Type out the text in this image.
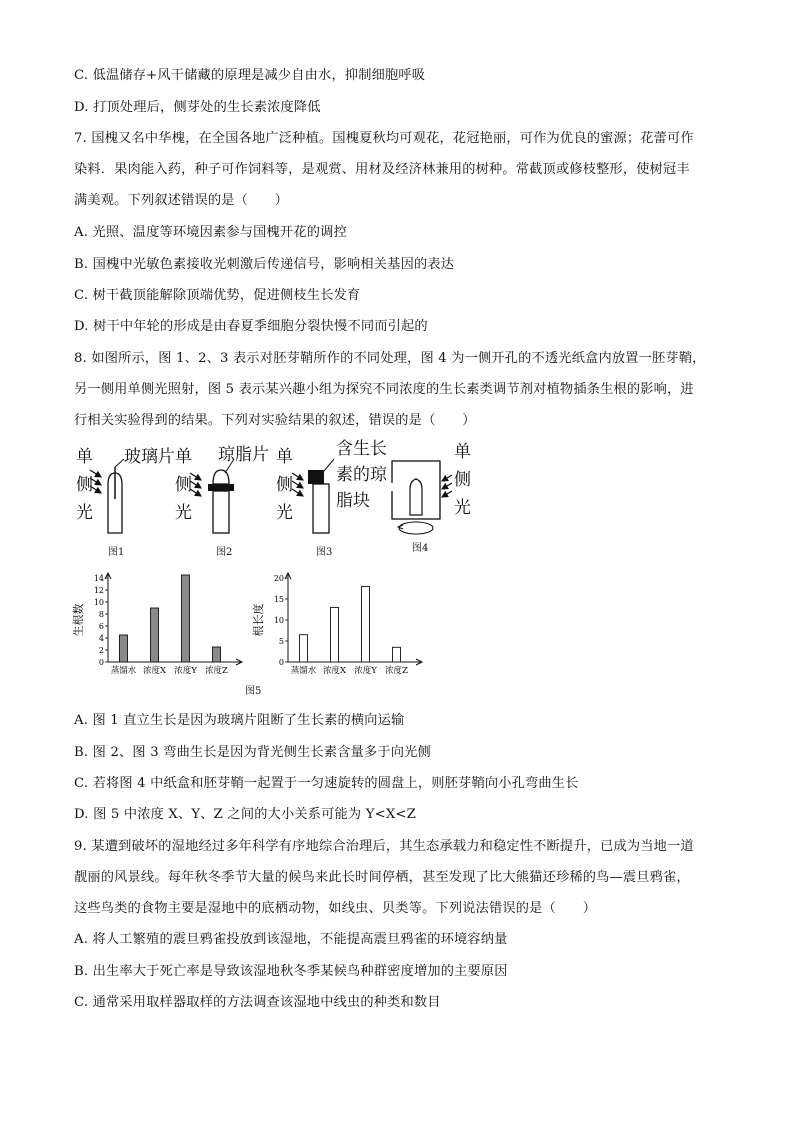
C. 低温储存+风干储藏的原理是减少自由水，抑制细胞呼吸
D. 打顶处理后，侧芽处的生长素浓度降低
7. 国槐又名中华槐，在全国各地广泛种植。国槐夏秋均可观花，花冠艳丽，可作为优良的蜜源；花蕾可作
染料．果肉能入药，种子可作饲料等，是观赏、用材及经济林兼用的树种。常截顶或修枝整形，使树冠丰
满美观。下列叙述错误的是（　　）
A. 光照、温度等环境因素参与国槐开花的调控
B. 国槐中光敏色素接收光刺激后传递信号，影响相关基因的表达
C. 树干截顶能解除顶端优势，促进侧枝生长发育
D. 树干中年轮的形成是由春夏季细胞分裂快慢不同而引起的
8. 如图所示，图 1、2、3 表示对胚芽鞘所作的不同处理，图 4 为一侧开孔的不透光纸盒内放置一胚芽鞘，
另一侧用单侧光照射，图 5 表示某兴趣小组为探究不同浓度的生长素类调节剂对植物插条生根的影响，进
行相关实验得到的结果。下列对实验结果的叙述，错误的是（　　）
单
侧
光
玻璃片
图1
单
侧
光
琼脂片
图2
单
侧
光
含生长
素的琼
脂块
图3
单
侧
光
图4
生根数
0
2
4
6
8
10
12
14
蒸馏水 浓度X 浓度Y 浓度Z
根长度
0
5
10
15
20
蒸馏水 浓度X 浓度Y 浓度Z
图5
A. 图 1 直立生长是因为玻璃片阻断了生长素的横向运输
B. 图 2、图 3 弯曲生长是因为背光侧生长素含量多于向光侧
C. 若将图 4 中纸盒和胚芽鞘一起置于一匀速旋转的圆盘上，则胚芽鞘向小孔弯曲生长
D. 图 5 中浓度 X、Y、Z 之间的大小关系可能为 Y<X<Z
9. 某遭到破坏的湿地经过多年科学有序地综合治理后，其生态承载力和稳定性不断提升，已成为当地一道
靓丽的风景线。每年秋冬季节大量的候鸟来此长时间停栖，甚至发现了比大熊猫还珍稀的鸟—震旦鸦雀，
这些鸟类的食物主要是湿地中的底栖动物，如线虫、贝类等。下列说法错误的是（　　）
A. 将人工繁殖的震旦鸦雀投放到该湿地，不能提高震旦鸦雀的环境容纳量
B. 出生率大于死亡率是导致该湿地秋冬季某候鸟种群密度增加的主要原因
C. 通常采用取样器取样的方法调查该湿地中线虫的种类和数目
